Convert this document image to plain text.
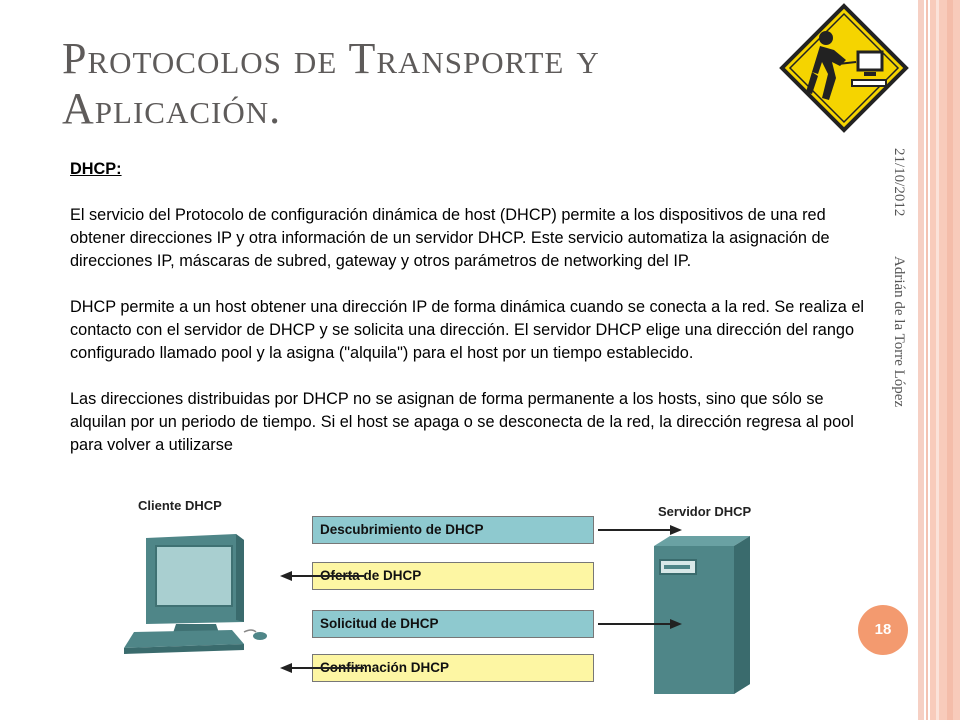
Protocolos de Transporte y
Aplicación.
21/10/2012
Adrián de la Torre López

DHCP:

El servicio del Protocolo de configuración dinámica de host (DHCP) permite a los dispositivos de una red obtener direcciones IP y otra información de un servidor DHCP. Este servicio automatiza la asignación de direcciones IP, máscaras de subred, gateway y otros parámetros de networking del IP.

DHCP permite a un host obtener una dirección IP de forma dinámica cuando se conecta a la red. Se realiza el contacto con el servidor de DHCP y se solicita una dirección. El servidor DHCP elige una dirección del rango configurado llamado pool y la asigna ("alquila") para el host por un tiempo establecido.

Las direcciones distribuidas por DHCP no se asignan de forma permanente a los hosts, sino que sólo se alquilan por un periodo de tiempo. Si el host se apaga o se desconecta de la red, la dirección regresa al pool para volver a utilizarse

Cliente DHCP	Servidor DHCP
Descubrimiento de DHCP
Oferta de DHCP
Solicitud de DHCP
Confirmación DHCP
18
